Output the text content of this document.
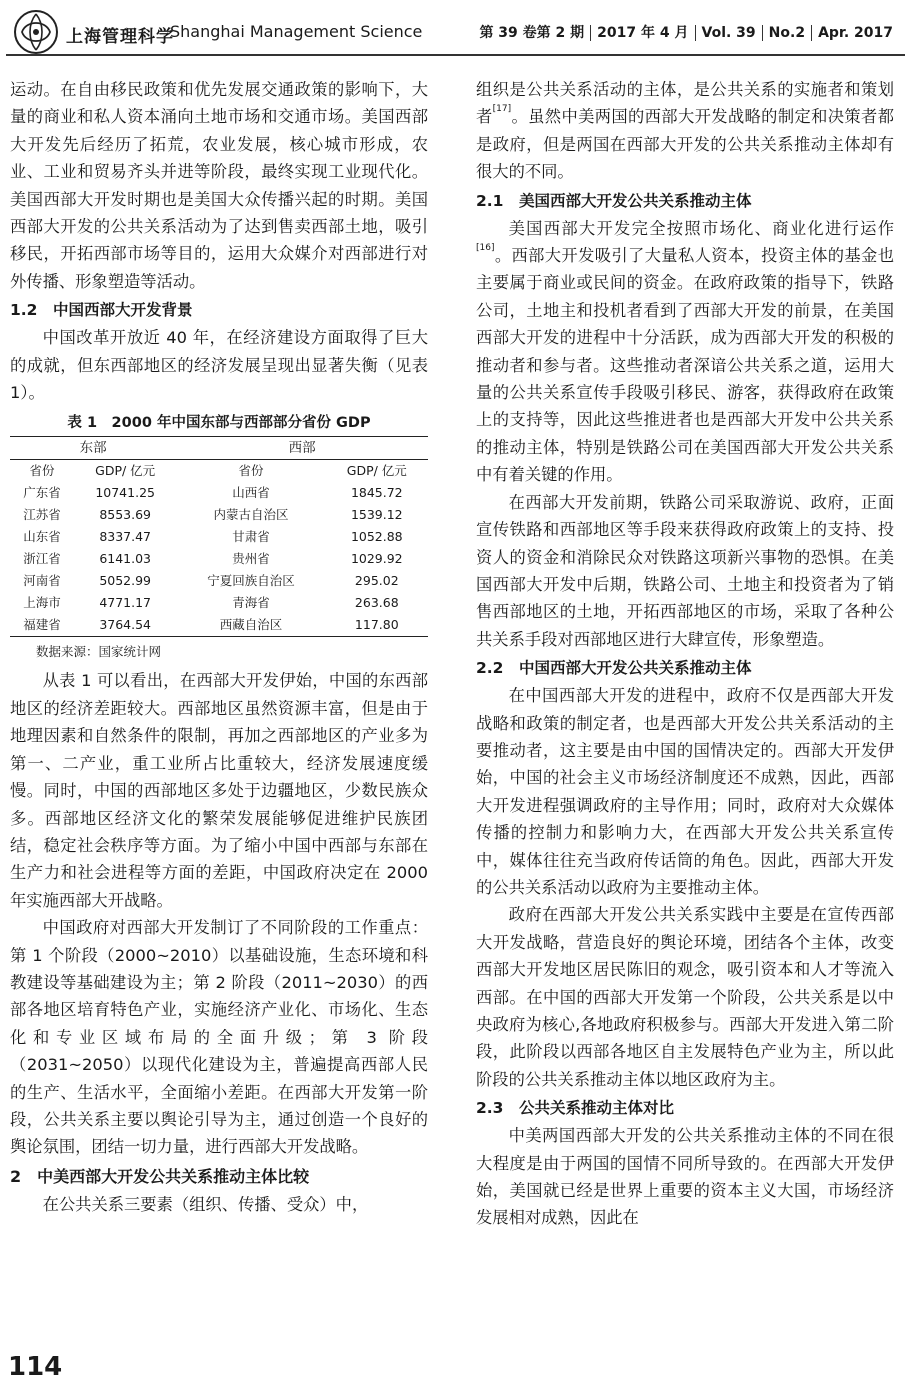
上海管理科学
Shanghai Management Science	第 39 卷第 2 期 2017 年 4 月 Vol. 39 No.2 Apr. 2017

运动。在自由移民政策和优先发展交通政策的影响下，大量的商业和私人资本涌向土地市场和交通市场。美国西部大开发先后经历了拓荒，农业发展，核心城市形成，农业、工业和贸易齐头并进等阶段，最终实现工业现代化。美国西部大开发时期也是美国大众传播兴起的时期。美国西部大开发的公共关系活动为了达到售卖西部土地，吸引移民，开拓西部市场等目的，运用大众媒介对西部进行对外传播、形象塑造等活动。

1.2　中国西部大开发背景

中国改革开放近 40 年，在经济建设方面取得了巨大的成就，但东西部地区的经济发展呈现出显著失衡（见表 1）。

表 1　2000 年中国东部与西部部分省份 GDP
东部		西部	
省份	GDP/ 亿元	省份	GDP/ 亿元
广东省	10741.25	山西省	1845.72
江苏省	8553.69	内蒙古自治区	1539.12
山东省	8337.47	甘肃省	1052.88
浙江省	6141.03	贵州省	1029.92
河南省	5052.99	宁夏回族自治区	295.02
上海市	4771.17	青海省	263.68
福建省	3764.54	西藏自治区	117.80
数据来源：国家统计网

从表 1 可以看出，在西部大开发伊始，中国的东西部地区的经济差距较大。西部地区虽然资源丰富，但是由于地理因素和自然条件的限制，再加之西部地区的产业多为第一、二产业，重工业所占比重较大，经济发展速度缓慢。同时，中国的西部地区多处于边疆地区，少数民族众多。西部地区经济文化的繁荣发展能够促进维护民族团结，稳定社会秩序等方面。为了缩小中国中西部与东部在生产力和社会进程等方面的差距，中国政府决定在 2000 年实施西部大开战略。

中国政府对西部大开发制订了不同阶段的工作重点：第 1 个阶段（2000~2010）以基础设施，生态环境和科教建设等基础建设为主；第 2 阶段（2011~2030）的西部各地区培育特色产业，实施经济产业化、市场化、生态化和专业区域布局的全面升级；第 3 阶段（2031~2050）以现代化建设为主，普遍提高西部人民的生产、生活水平，全面缩小差距。在西部大开发第一阶段，公共关系主要以舆论引导为主，通过创造一个良好的舆论氛围，团结一切力量，进行西部大开发战略。

2　中美西部大开发公共关系推动主体比较

在公共关系三要素（组织、传播、受众）中，

组织是公共关系活动的主体，是公共关系的实施者和策划者[17]。虽然中美两国的西部大开发战略的制定和决策者都是政府，但是两国在西部大开发的公共关系推动主体却有很大的不同。

2.1　美国西部大开发公共关系推动主体

美国西部大开发完全按照市场化、商业化进行运作[16]。西部大开发吸引了大量私人资本，投资主体的基金也主要属于商业或民间的资金。在政府政策的指导下，铁路公司，土地主和投机者看到了西部大开发的前景，在美国西部大开发的进程中十分活跃，成为西部大开发的积极的推动者和参与者。这些推动者深谙公共关系之道，运用大量的公共关系宣传手段吸引移民、游客，获得政府在政策上的支持等，因此这些推进者也是西部大开发中公共关系的推动主体，特别是铁路公司在美国西部大开发公共关系中有着关键的作用。

在西部大开发前期，铁路公司采取游说、政府，正面宣传铁路和西部地区等手段来获得政府政策上的支持、投资人的资金和消除民众对铁路这项新兴事物的恐惧。在美国西部大开发中后期，铁路公司、土地主和投资者为了销售西部地区的土地，开拓西部地区的市场，采取了各种公共关系手段对西部地区进行大肆宣传，形象塑造。

2.2　中国西部大开发公共关系推动主体

在中国西部大开发的进程中，政府不仅是西部大开发战略和政策的制定者，也是西部大开发公共关系活动的主要推动者，这主要是由中国的国情决定的。西部大开发伊始，中国的社会主义市场经济制度还不成熟，因此，西部大开发进程强调政府的主导作用；同时，政府对大众媒体传播的控制力和影响力大，在西部大开发公共关系宣传中，媒体往往充当政府传话筒的角色。因此，西部大开发的公共关系活动以政府为主要推动主体。

政府在西部大开发公共关系实践中主要是在宣传西部大开发战略，营造良好的舆论环境，团结各个主体，改变西部大开发地区居民陈旧的观念，吸引资本和人才等流入西部。在中国的西部大开发第一个阶段，公共关系是以中央政府为核心,各地政府积极参与。西部大开发进入第二阶段，此阶段以西部各地区自主发展特色产业为主，所以此阶段的公共关系推动主体以地区政府为主。

2.3　公共关系推动主体对比

中美两国西部大开发的公共关系推动主体的不同在很大程度是由于两国的国情不同所导致的。在西部大开发伊始，美国就已经是世界上重要的资本主义大国，市场经济发展相对成熟，因此在

114
